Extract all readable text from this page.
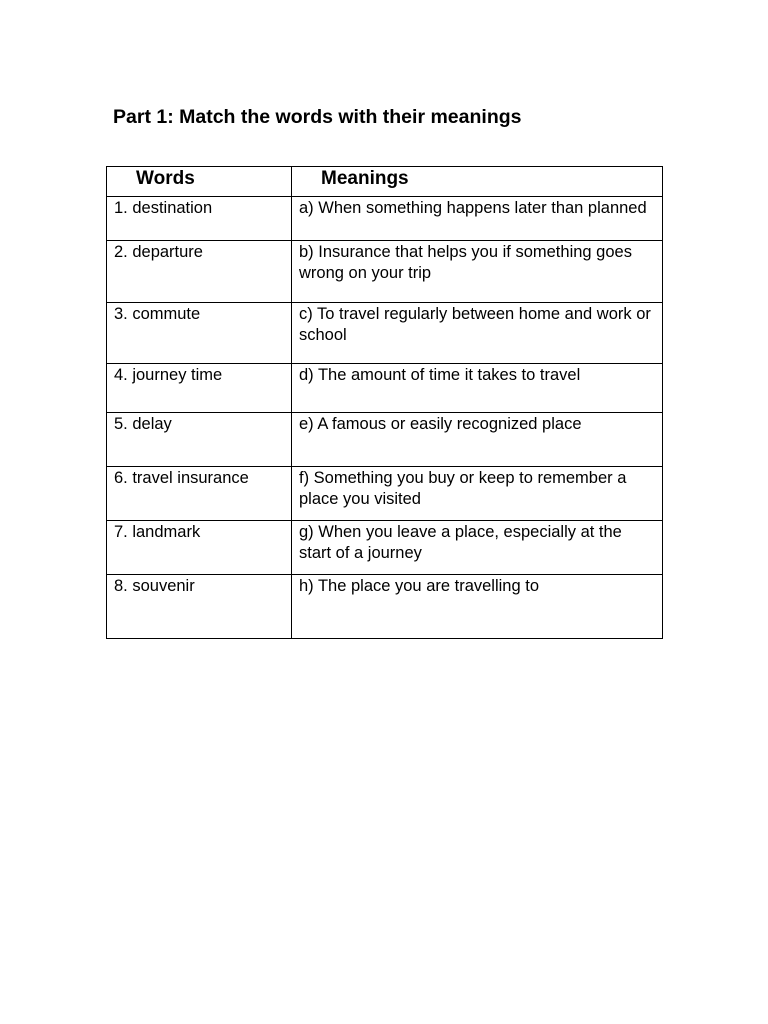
Part 1: Match the words with their meanings
Words	Meanings

1. destination	a) When something happens later than planned

2. departure	b) Insurance that helps you if something goes wrong on your trip

3. commute	c) To travel regularly between home and work or school

4. journey time	d) The amount of time it takes to travel

5. delay	e) A famous or easily recognized place

6. travel insurance	f) Something you buy or keep to remember a place you visited

7. landmark	g) When you leave a place, especially at the start of a journey

8. souvenir	h) The place you are travelling to
